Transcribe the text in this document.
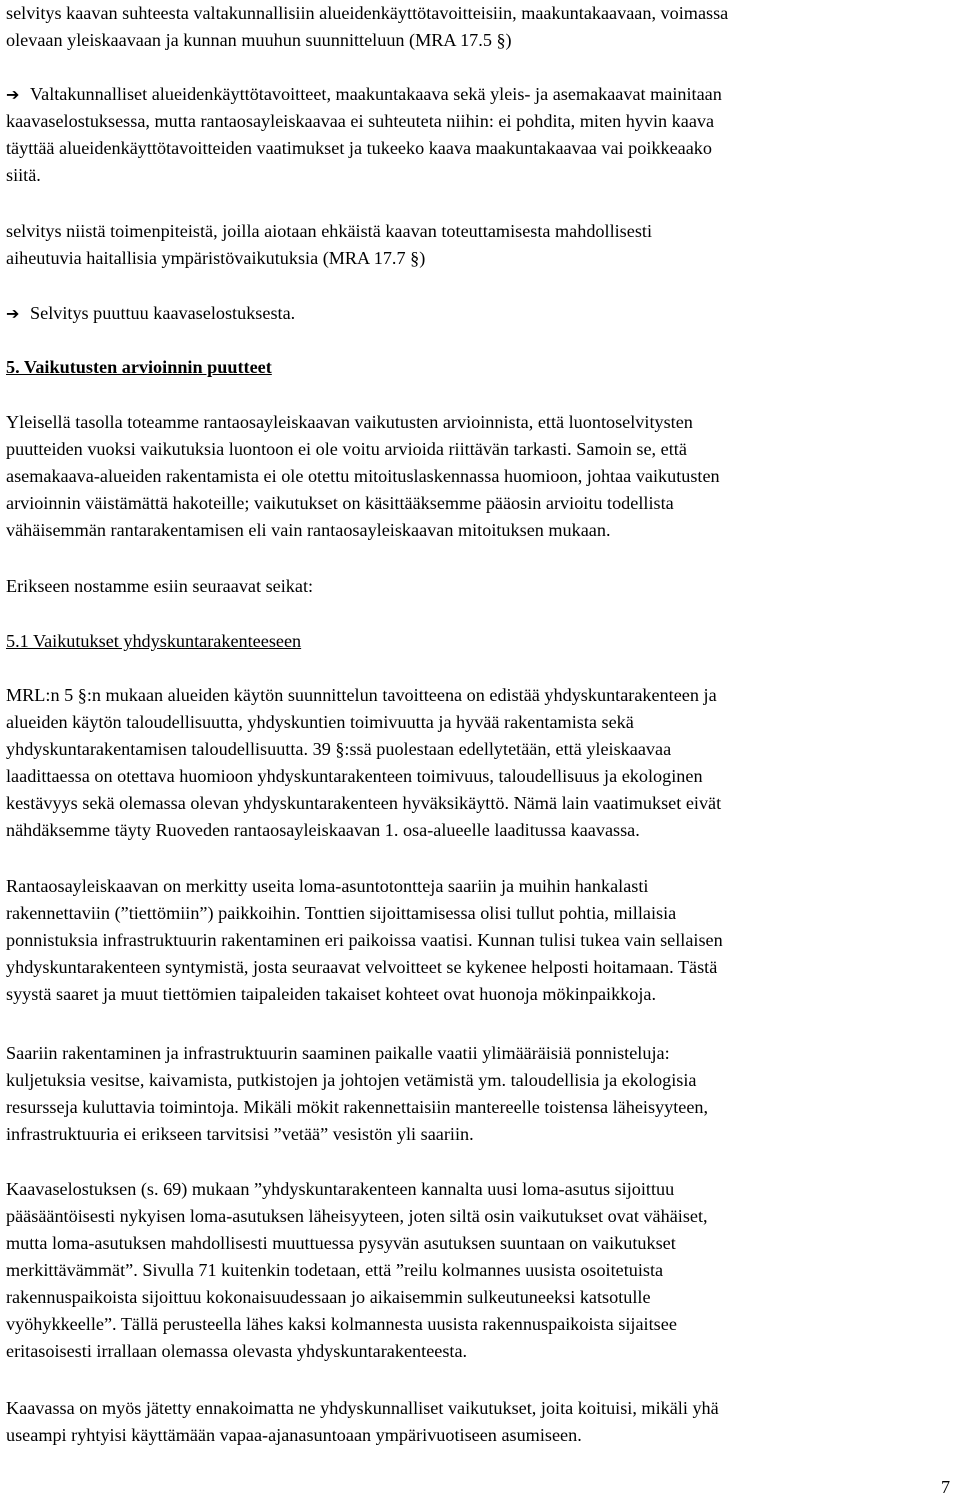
selvitys kaavan suhteesta valtakunnallisiin alueidenkäyttötavoitteisiin, maakuntakaavaan, voimassa
olevaan yleiskaavaan ja kunnan muuhun suunnitteluun (MRA 17.5 §)
➔ Valtakunnalliset alueidenkäyttötavoitteet, maakuntakaava sekä yleis- ja asemakaavat mainitaan
kaavaselostuksessa, mutta rantaosayleiskaavaa ei suhteuteta niihin: ei pohdita, miten hyvin kaava
täyttää alueidenkäyttötavoitteiden vaatimukset ja tukeeko kaava maakuntakaavaa vai poikkeaako
siitä.
selvitys niistä toimenpiteistä, joilla aiotaan ehkäistä kaavan toteuttamisesta mahdollisesti
aiheutuvia haitallisia ympäristövaikutuksia (MRA 17.7 §)
➔ Selvitys puuttuu kaavaselostuksesta.
5. Vaikutusten arvioinnin puutteet
Yleisellä tasolla toteamme rantaosayleiskaavan vaikutusten arvioinnista, että luontoselvitysten
puutteiden vuoksi vaikutuksia luontoon ei ole voitu arvioida riittävän tarkasti. Samoin se, että
asemakaava-alueiden rakentamista ei ole otettu mitoituslaskennassa huomioon, johtaa vaikutusten
arvioinnin väistämättä hakoteille; vaikutukset on käsittääksemme pääosin arvioitu todellista
vähäisemmän rantarakentamisen eli vain rantaosayleiskaavan mitoituksen mukaan.
Erikseen nostamme esiin seuraavat seikat:
5.1 Vaikutukset yhdyskuntarakenteeseen
MRL:n 5 §:n mukaan alueiden käytön suunnittelun tavoitteena on edistää yhdyskuntarakenteen ja
alueiden käytön taloudellisuutta, yhdyskuntien toimivuutta ja hyvää rakentamista sekä
yhdyskuntarakentamisen taloudellisuutta. 39 §:ssä puolestaan edellytetään, että yleiskaavaa
laadittaessa on otettava huomioon yhdyskuntarakenteen toimivuus, taloudellisuus ja ekologinen
kestävyys sekä olemassa olevan yhdyskuntarakenteen hyväksikäyttö. Nämä lain vaatimukset eivät
nähdäksemme täyty Ruoveden rantaosayleiskaavan 1. osa-alueelle laaditussa kaavassa.
Rantaosayleiskaavan on merkitty useita loma-asuntotontteja saariin ja muihin hankalasti
rakennettaviin (”tiettömiin”) paikkoihin. Tonttien sijoittamisessa olisi tullut pohtia, millaisia
ponnistuksia infrastruktuurin rakentaminen eri paikoissa vaatisi. Kunnan tulisi tukea vain sellaisen
yhdyskuntarakenteen syntymistä, josta seuraavat velvoitteet se kykenee helposti hoitamaan. Tästä
syystä saaret ja muut tiettömien taipaleiden takaiset kohteet ovat huonoja mökinpaikkoja.
Saariin rakentaminen ja infrastruktuurin saaminen paikalle vaatii ylimääräisiä ponnisteluja:
kuljetuksia vesitse, kaivamista, putkistojen ja johtojen vetämistä ym. taloudellisia ja ekologisia
resursseja kuluttavia toimintoja. Mikäli mökit rakennettaisiin mantereelle toistensa läheisyyteen,
infrastruktuuria ei erikseen tarvitsisi ”vetää” vesistön yli saariin.
Kaavaselostuksen (s. 69) mukaan ”yhdyskuntarakenteen kannalta uusi loma-asutus sijoittuu
pääsääntöisesti nykyisen loma-asutuksen läheisyyteen, joten siltä osin vaikutukset ovat vähäiset,
mutta loma-asutuksen mahdollisesti muuttuessa pysyvän asutuksen suuntaan on vaikutukset
merkittävämmät”. Sivulla 71 kuitenkin todetaan, että ”reilu kolmannes uusista osoitetuista
rakennuspaikoista sijoittuu kokonaisuudessaan jo aikaisemmin sulkeutuneeksi katsotulle
vyöhykkeelle”. Tällä perusteella lähes kaksi kolmannesta uusista rakennuspaikoista sijaitsee
eritasoisesti irrallaan olemassa olevasta yhdyskuntarakenteesta.
Kaavassa on myös jätetty ennakoimatta ne yhdyskunnalliset vaikutukset, joita koituisi, mikäli yhä
useampi ryhtyisi käyttämään vapaa-ajanasuntoaan ympärivuotiseen asumiseen.
7
